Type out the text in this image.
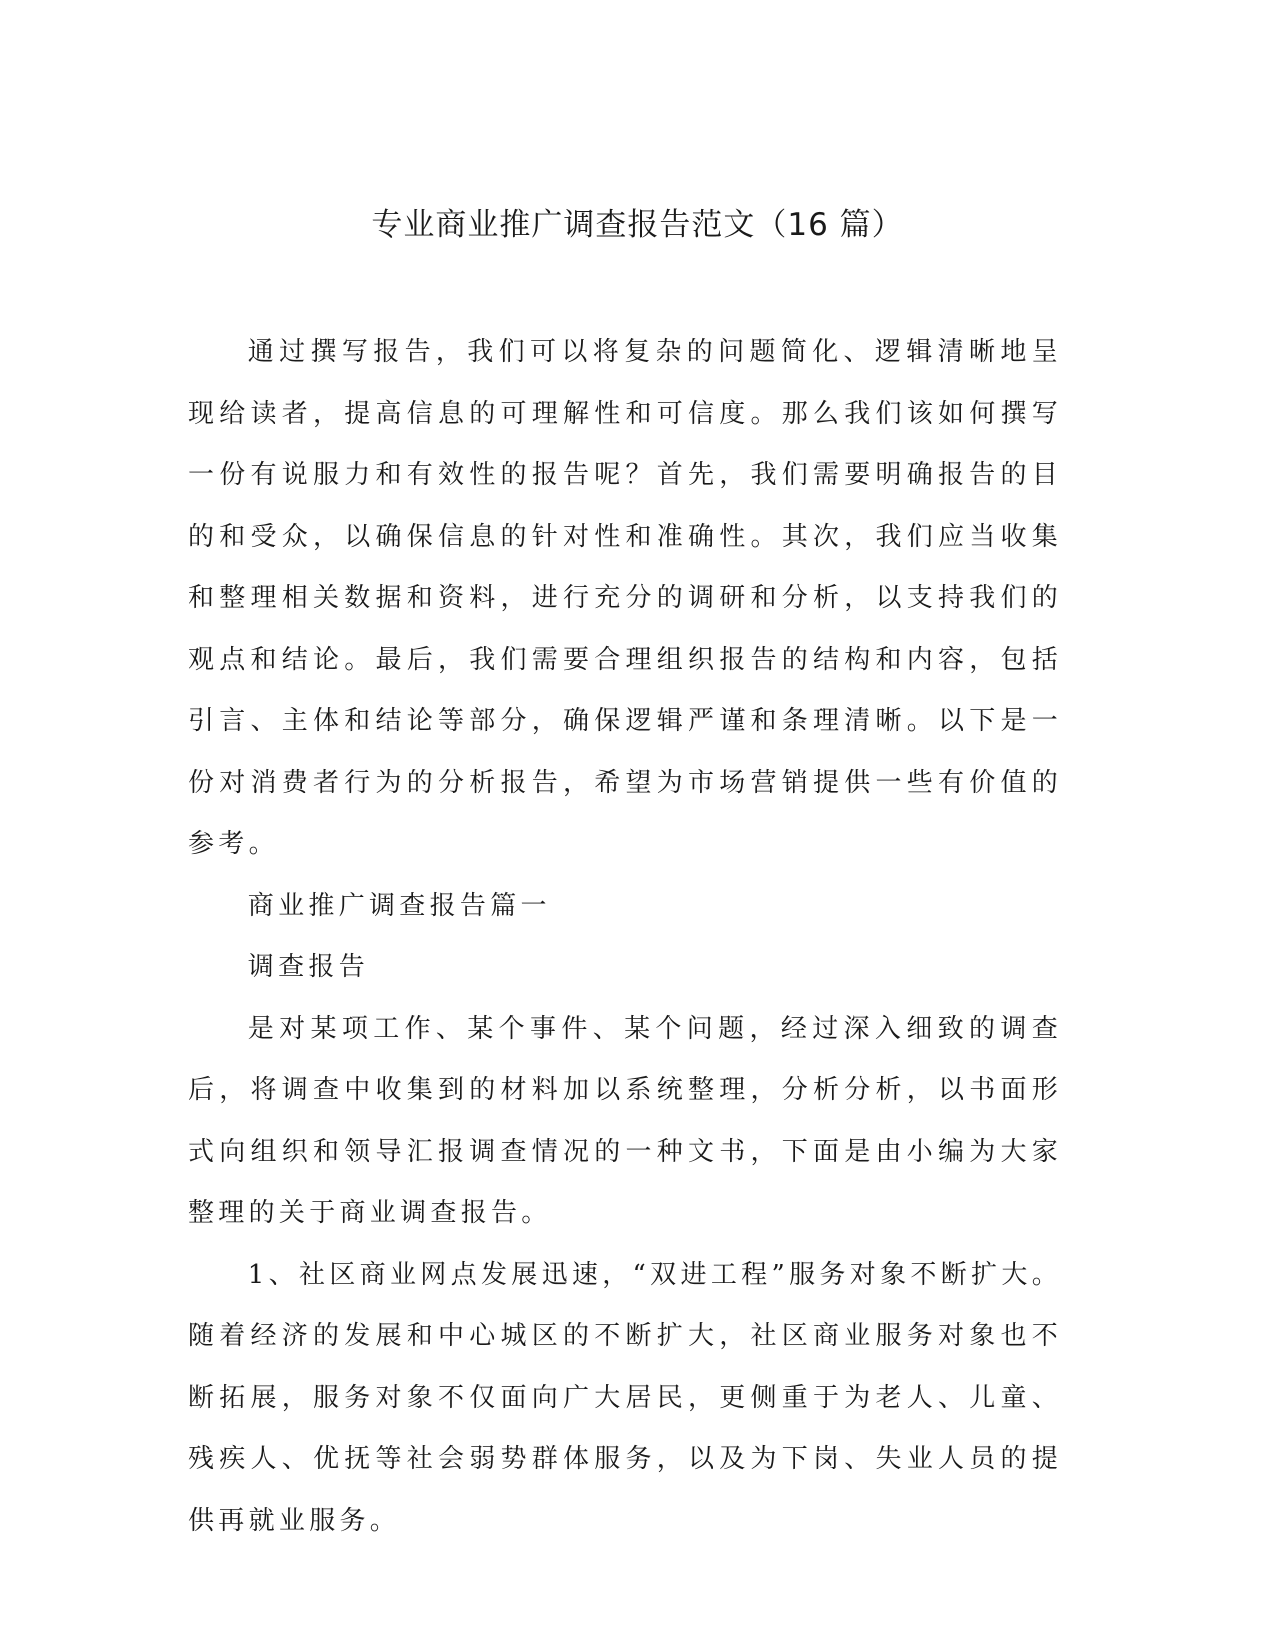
专业商业推广调查报告范文（16 篇）

通过撰写报告，我们可以将复杂的问题简化、逻辑清晰地呈现给读者，提高信息的可理解性和可信度。那么我们该如何撰写一份有说服力和有效性的报告呢？首先，我们需要明确报告的目的和受众，以确保信息的针对性和准确性。其次，我们应当收集和整理相关数据和资料，进行充分的调研和分析，以支持我们的观点和结论。最后，我们需要合理组织报告的结构和内容，包括引言、主体和结论等部分，确保逻辑严谨和条理清晰。以下是一份对消费者行为的分析报告，希望为市场营销提供一些有价值的参考。

商业推广调查报告篇一

调查报告

是对某项工作、某个事件、某个问题，经过深入细致的调查后，将调查中收集到的材料加以系统整理，分析分析，以书面形式向组织和领导汇报调查情况的一种文书，下面是由小编为大家整理的关于商业调查报告。

1、社区商业网点发展迅速，“双进工程”服务对象不断扩大。随着经济的发展和中心城区的不断扩大，社区商业服务对象也不断拓展，服务对象不仅面向广大居民，更侧重于为老人、儿童、残疾人、优抚等社会弱势群体服务，以及为下岗、失业人员的提供再就业服务。
